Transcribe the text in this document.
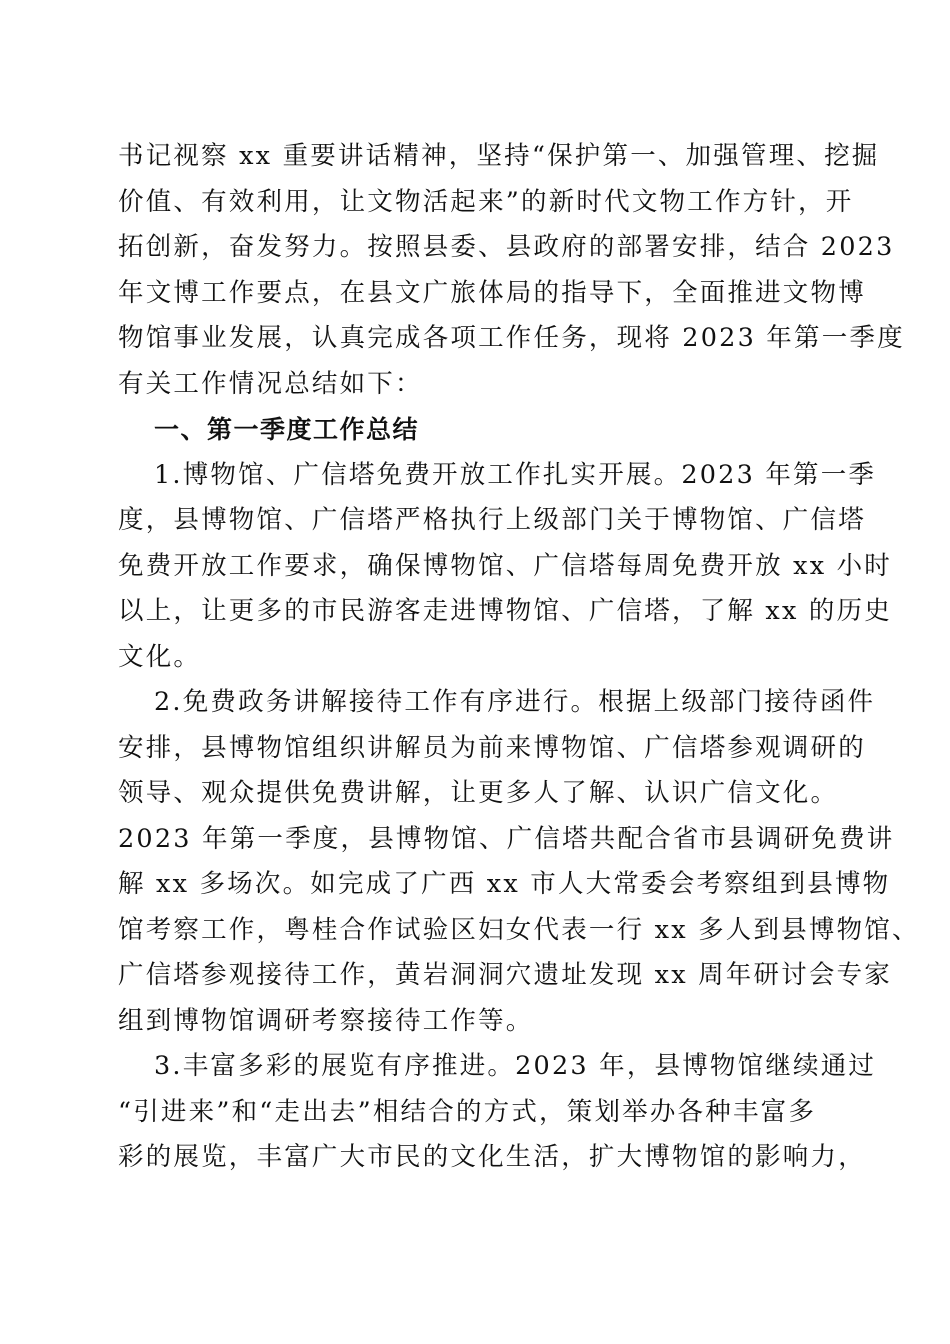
书记视察 xx 重要讲话精神，坚持“保护第一、加强管理、挖掘
价值、有效利用，让文物活起来”的新时代文物工作方针，开
拓创新，奋发努力。按照县委、县政府的部署安排，结合 2023
年文博工作要点，在县文广旅体局的指导下，全面推进文物博
物馆事业发展，认真完成各项工作任务，现将 2023 年第一季度
有关工作情况总结如下：
一、第一季度工作总结
1.博物馆、广信塔免费开放工作扎实开展。2023 年第一季
度，县博物馆、广信塔严格执行上级部门关于博物馆、广信塔
免费开放工作要求，确保博物馆、广信塔每周免费开放 xx 小时
以上，让更多的市民游客走进博物馆、广信塔，了解 xx 的历史
文化。
2.免费政务讲解接待工作有序进行。根据上级部门接待函件
安排，县博物馆组织讲解员为前来博物馆、广信塔参观调研的
领导、观众提供免费讲解，让更多人了解、认识广信文化。
2023 年第一季度，县博物馆、广信塔共配合省市县调研免费讲
解 xx 多场次。如完成了广西 xx 市人大常委会考察组到县博物
馆考察工作，粤桂合作试验区妇女代表一行 xx 多人到县博物馆、
广信塔参观接待工作，黄岩洞洞穴遗址发现 xx 周年研讨会专家
组到博物馆调研考察接待工作等。
3.丰富多彩的展览有序推进。2023 年，县博物馆继续通过
“引进来”和“走出去”相结合的方式，策划举办各种丰富多
彩的展览，丰富广大市民的文化生活，扩大博物馆的影响力，
